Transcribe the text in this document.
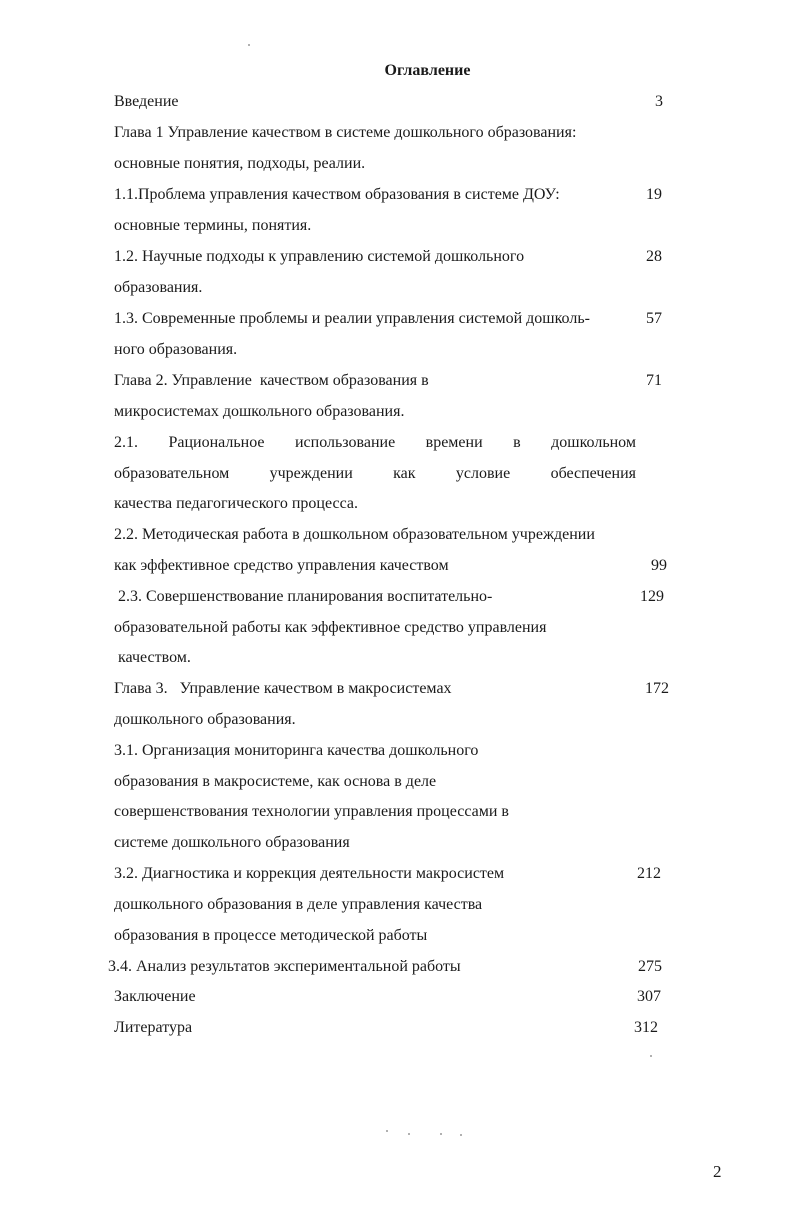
Оглавление
Введение	3
Глава 1 Управление качеством в системе дошкольного образования:
основные понятия, подходы, реалии.
1.1.Проблема управления качеством образования в системе ДОУ:	19
основные термины, понятия.
1.2. Научные подходы к управлению системой дошкольного	28
образования.
1.3. Современные проблемы и реалии управления системой дошколь-	57
ного образования.
Глава 2. Управление  качеством образования в	71
микросистемах дошкольного образования.
2.1. Рациональное использование времени в дошкольном
образовательном	учреждении	как	условие	обеспечения
качества педагогического процесса.
2.2. Методическая работа в дошкольном образовательном учреждении
как эффективное средство управления качеством	99
2.3. Совершенствование планирования воспитательно-	129
образовательной работы как эффективное средство управления
качеством.
Глава 3.   Управление качеством в макросистемах	172
дошкольного образования.
3.1. Организация мониторинга качества дошкольного
образования в макросистеме, как основа в деле
совершенствования технологии управления процессами в
системе дошкольного образования
3.2. Диагностика и коррекция деятельности макросистем	212
дошкольного образования в деле управления качества
образования в процессе методической работы
3.4. Анализ результатов экспериментальной работы	275
Заключение	307
Литература	312
2
